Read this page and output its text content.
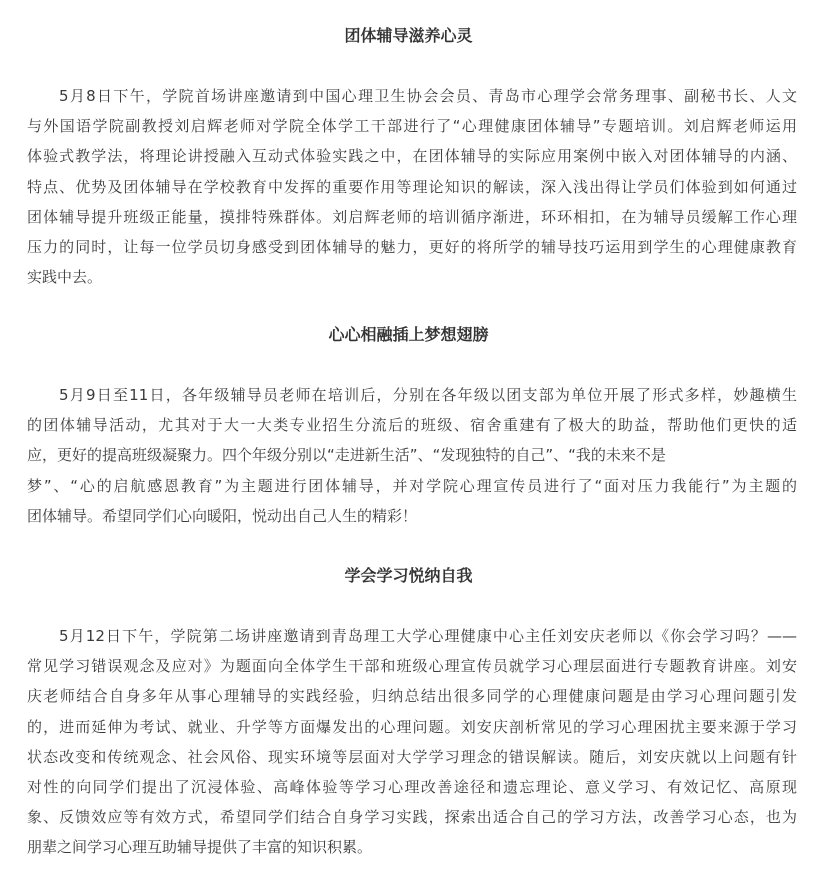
团体辅导滋养心灵
5月8日下午，学院首场讲座邀请到中国心理卫生协会会员、青岛市心理学会常务理事、副秘书长、人文
与外国语学院副教授刘启辉老师对学院全体学工干部进行了“心理健康团体辅导”专题培训。刘启辉老师运用
体验式教学法，将理论讲授融入互动式体验实践之中，在团体辅导的实际应用案例中嵌入对团体辅导的内涵、
特点、优势及团体辅导在学校教育中发挥的重要作用等理论知识的解读，深入浅出得让学员们体验到如何通过
团体辅导提升班级正能量，摸排特殊群体。刘启辉老师的培训循序渐进，环环相扣，在为辅导员缓解工作心理
压力的同时，让每一位学员切身感受到团体辅导的魅力，更好的将所学的辅导技巧运用到学生的心理健康教育
实践中去。
心心相融插上梦想翅膀
5月9日至11日，各年级辅导员老师在培训后，分别在各年级以团支部为单位开展了形式多样，妙趣横生
的团体辅导活动，尤其对于大一大类专业招生分流后的班级、宿舍重建有了极大的助益，帮助他们更快的适
应，更好的提高班级凝聚力。四个年级分别以“走进新生活”、“发现独特的自己”、“我的未来不是
梦”、“心的启航感恩教育”为主题进行团体辅导，并对学院心理宣传员进行了“面对压力我能行”为主题的
团体辅导。希望同学们心向暖阳，悦动出自己人生的精彩！
学会学习悦纳自我
5月12日下午，学院第二场讲座邀请到青岛理工大学心理健康中心主任刘安庆老师以《你会学习吗？——
常见学习错误观念及应对》为题面向全体学生干部和班级心理宣传员就学习心理层面进行专题教育讲座。刘安
庆老师结合自身多年从事心理辅导的实践经验，归纳总结出很多同学的心理健康问题是由学习心理问题引发
的，进而延伸为考试、就业、升学等方面爆发出的心理问题。刘安庆剖析常见的学习心理困扰主要来源于学习
状态改变和传统观念、社会风俗、现实环境等层面对大学学习理念的错误解读。随后，刘安庆就以上问题有针
对性的向同学们提出了沉浸体验、高峰体验等学习心理改善途径和遗忘理论、意义学习、有效记忆、高原现
象、反馈效应等有效方式，希望同学们结合自身学习实践，探索出适合自己的学习方法，改善学习心态，也为
朋辈之间学习心理互助辅导提供了丰富的知识积累。
